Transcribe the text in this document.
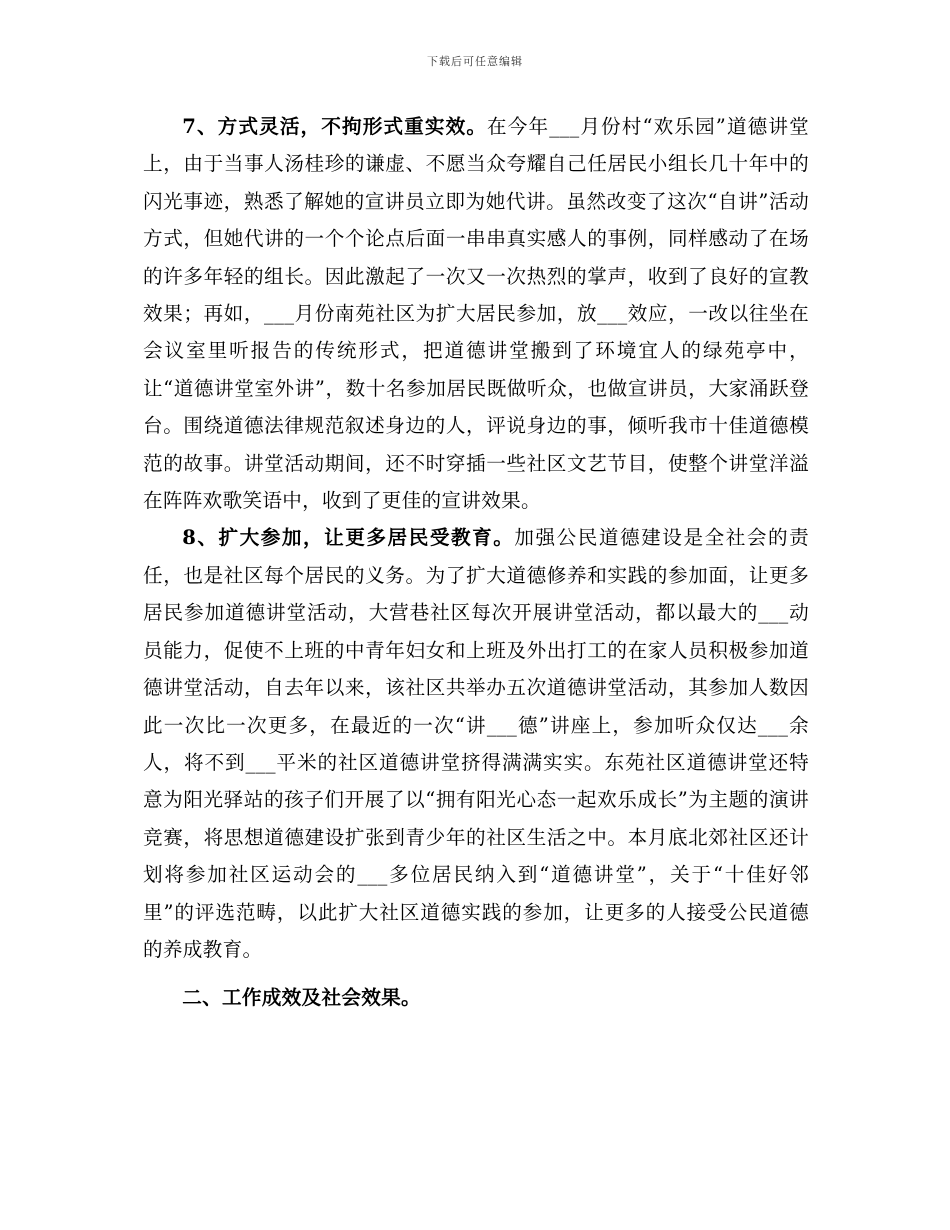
下载后可任意编辑

7、方式灵活，不拘形式重实效。在今年___月份村“欢乐园”道德讲堂上，由于当事人汤桂珍的谦虚、不愿当众夸耀自己任居民小组长几十年中的闪光事迹，熟悉了解她的宣讲员立即为她代讲。虽然改变了这次“自讲”活动方式，但她代讲的一个个论点后面一串串真实感人的事例，同样感动了在场的许多年轻的组长。因此激起了一次又一次热烈的掌声，收到了良好的宣教效果；再如，___月份南苑社区为扩大居民参加，放___效应，一改以往坐在会议室里听报告的传统形式，把道德讲堂搬到了环境宜人的绿苑亭中，让“道德讲堂室外讲”，数十名参加居民既做听众，也做宣讲员，大家涌跃登台。围绕道德法律规范叙述身边的人，评说身边的事，倾听我市十佳道德模范的故事。讲堂活动期间，还不时穿插一些社区文艺节目，使整个讲堂洋溢在阵阵欢歌笑语中，收到了更佳的宣讲效果。

8、扩大参加，让更多居民受教育。加强公民道德建设是全社会的责任，也是社区每个居民的义务。为了扩大道德修养和实践的参加面，让更多居民参加道德讲堂活动，大营巷社区每次开展讲堂活动，都以最大的___动员能力，促使不上班的中青年妇女和上班及外出打工的在家人员积极参加道德讲堂活动，自去年以来，该社区共举办五次道德讲堂活动，其参加人数因此一次比一次更多，在最近的一次“讲___德”讲座上，参加听众仅达___余人，将不到___平米的社区道德讲堂挤得满满实实。东苑社区道德讲堂还特意为阳光驿站的孩子们开展了以“拥有阳光心态一起欢乐成长”为主题的演讲竞赛，将思想道德建设扩张到青少年的社区生活之中。本月底北郊社区还计划将参加社区运动会的___多位居民纳入到“道德讲堂”，关于“十佳好邻里”的评选范畴，以此扩大社区道德实践的参加，让更多的人接受公民道德的养成教育。

二、工作成效及社会效果。
